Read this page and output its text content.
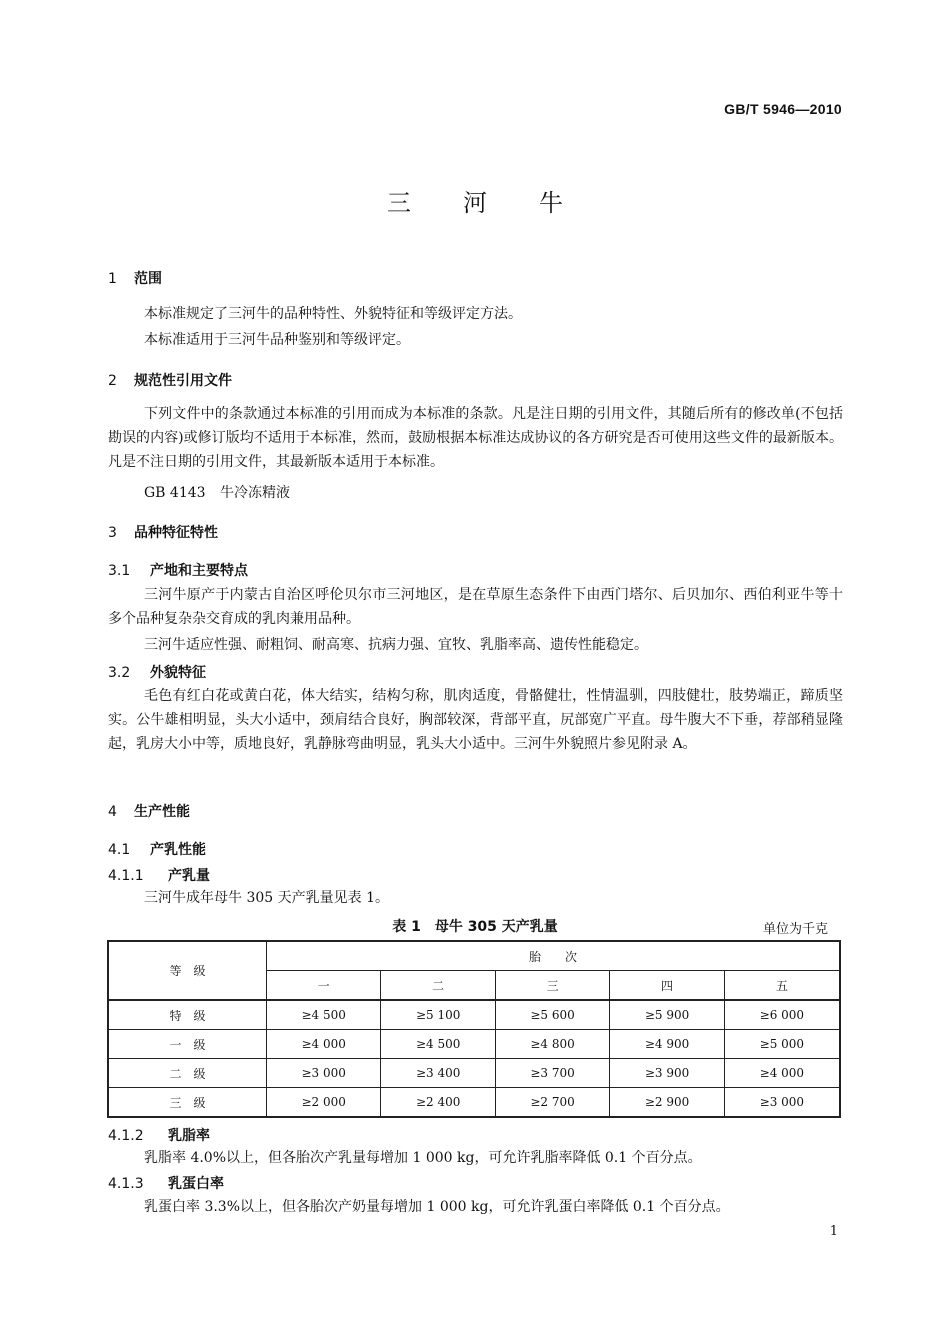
GB/T 5946—2010
三河牛
1 范围
本标准规定了三河牛的品种特性、外貌特征和等级评定方法。
本标准适用于三河牛品种鉴别和等级评定。
2 规范性引用文件
下列文件中的条款通过本标准的引用而成为本标准的条款。凡是注日期的引用文件，其随后所有的修改单(不包括勘误的内容)或修订版均不适用于本标准，然而，鼓励根据本标准达成协议的各方研究是否可使用这些文件的最新版本。凡是不注日期的引用文件，其最新版本适用于本标准。
GB 4143 牛冷冻精液
3 品种特征特性
3.1 产地和主要特点
三河牛原产于内蒙古自治区呼伦贝尔市三河地区，是在草原生态条件下由西门塔尔、后贝加尔、西伯利亚牛等十多个品种复杂杂交育成的乳肉兼用品种。
三河牛适应性强、耐粗饲、耐高寒、抗病力强、宜牧、乳脂率高、遗传性能稳定。
3.2 外貌特征
毛色有红白花或黄白花，体大结实，结构匀称，肌肉适度，骨骼健壮，性情温驯，四肢健壮，肢势端正，蹄质坚实。公牛雄相明显，头大小适中，颈肩结合良好，胸部较深，背部平直，尻部宽广平直。母牛腹大不下垂，荐部稍显隆起，乳房大小中等，质地良好，乳静脉弯曲明显，乳头大小适中。三河牛外貌照片参见附录 A。
4 生产性能
4.1 产乳性能
4.1.1 产乳量
三河牛成年母牛 305 天产乳量见表 1。
表 1　母牛 305 天产乳量	单位为千克
等　级	胎　　次				
	一	二	三	四	五
特　级	≥4 500	≥5 100	≥5 600	≥5 900	≥6 000
一　级	≥4 000	≥4 500	≥4 800	≥4 900	≥5 000
二　级	≥3 000	≥3 400	≥3 700	≥3 900	≥4 000
三　级	≥2 000	≥2 400	≥2 700	≥2 900	≥3 000
4.1.2 乳脂率
乳脂率 4.0%以上，但各胎次产乳量每增加 1 000 kg，可允许乳脂率降低 0.1 个百分点。
4.1.3 乳蛋白率
乳蛋白率 3.3%以上，但各胎次产奶量每增加 1 000 kg，可允许乳蛋白率降低 0.1 个百分点。
1
